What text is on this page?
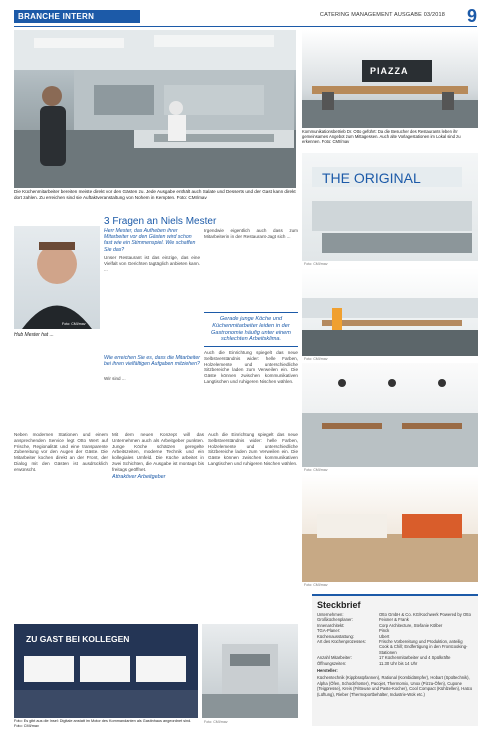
BRANCHE INTERN	CATERING MANAGEMENT AUSGABE 03/2018 9
Die Küchenmitarbeiter bereiten meiste direkt vor den Gästen zu. Jede Ausgabe enthält auch Salate und Desserts und der Gast kann direkt dort zahlen. Zu erreichen sind sie Auftaktveranstaltung von Nohem in Kempten. Foto: CMI/mav
PIAZZA
Kommunikationsbetrieb Dr. Otto geführt: Da die Besucher des Restaurants leben ihr gemeinsames Angebot zum Mittagessen. Auch alte Vorlagestationen im Lokal sind zu erkennen. Foto: CMI/mav
THE ORIGINAL
Foto: CMI/mav
Foto: CMI/mav
Foto: CMI/mav
Foto: CMI/mav
Foto: CMI/mav
3 Fragen an Niels Mester
Hub Mester hat ...
Herr Mester, das Aufheben ihrer Mitarbeiter vor den Gästen wird schon fast wie ein Stimmenspiel. Wie schaffen Sie das?

Unser Restaurant ist das einzige, das eine Vielfalt von Gerichten tagtäglich anbieten kann. ...

Wie erreichen Sie es, dass die Mitarbeiter bei ihren vielfältigen Aufgaben mitziehen?

Wir sind ...

Irgendwie eigentlich auch dass zum Mitarbeiterin in der Restaurant-Jagt sich ...

Gerade junge Köche und Küchenmitarbeiter leiden in der Gastronomie häufig unter einem schlechten Arbeitsklima.

Auch die Einrichtung spiegelt das neue Selbstverständnis wider: helle Farben, Holzelemente und unterschiedliche Sitzbereiche laden zum Verweilen ein. Die Gäste können zwischen kommunikativen Langtischen und ruhigeren Nischen wählen.

Neben modernen Stationen und einem ansprechenden Service legt Otto Wert auf Frische, Regionalität und eine transparente Zubereitung vor den Augen der Gäste. Die Mitarbeiter kochen direkt an der Front, der Dialog mit den Gästen ist ausdrücklich erwünscht.

Mit dem neuen Konzept will das Unternehmen auch als Arbeitgeber punkten. Junge Köche schätzen geregelte Arbeitszeiten, moderne Technik und ein kollegiales Umfeld. Die Küche arbeitet in zwei Schichten, die Ausgabe ist montags bis freitags geöffnet.

Attraktiver Arbeitgeber

Auch die Einrichtung spiegelt das neue Selbstverständnis wider: helle Farben, Holzelemente und unterschiedliche Sitzbereiche laden zum Verweilen ein. Die Gäste können zwischen kommunikativen Langtischen und ruhigeren Nischen wählen.

ZU GAST BEI KOLLEGEN
Foto: Es gibt aus die Insel: Digitale anstatt im Motor des Kommandanten als Gastinhaus angeordnet sind. Foto: CMI/mav
Foto: CMI/mav
Steckbrief
Unternehmen:	Otto GmbH & Co. KG/Kochwerk Powered by Otto
Großküchenplaner:	Feixner & Frank
Innenarchitekt:	Corp Architecture, Stefanie Kölber
TGA-Planer:	Pinck
Küchenausstattung:	Ubert
Art des Küchenprozesses:	Frische Vorbereitung und Produktion, anteilig Cook & Chill; Endfertigung in den Frontcooking-Stationen
Anzahl Mitarbeiter:	17 Küchenmitarbeiter und 4 Spülkräfte
Öffnungszeiten:	11.30 Uhr bis 14 Uhr
Hersteller:
Küchentechnik (Kippbratpfannen), Rational (Kombidämpfer), Hobart (Spültechnik), Alpha (Öfen, Schockfroster), Pacojet, Thermomix, Unox (Pizza-Öfen), Cupone (Teigpresse), Kreis (Fritteuse und Paste-Kocher), Cool Compact (Kühlzellen), Hatco (Lüftung), Rieber (Thermoportbehälter, Industrie-Wok etc.)
